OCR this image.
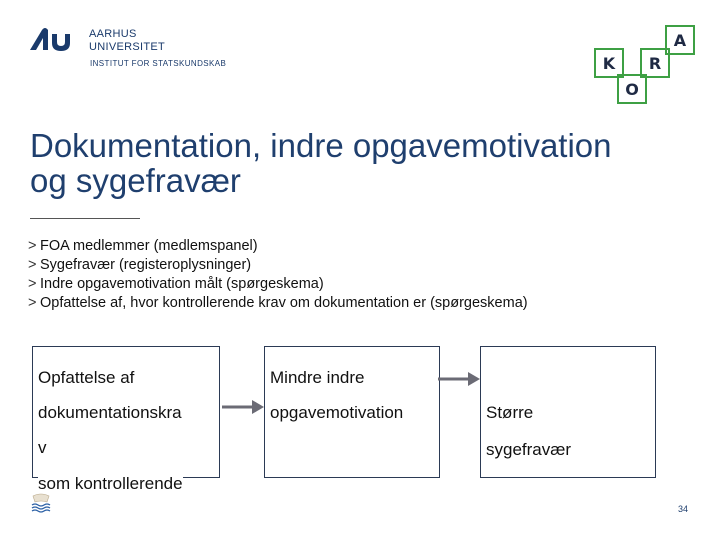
AARHUS
UNIVERSITET
INSTITUT FOR STATSKUNDSKAB	K
O
R
A
Dokumentation, indre opgavemotivation
og sygefravær
> FOA medlemmer (medlemspanel)
> Sygefravær (registeroplysninger)
> Indre opgavemotivation målt (spørgeskema)
> Opfattelse af, hvor kontrollerende krav om dokumentation er (spørgeskema)
Opfattelse af
dokumentationskra
v
som kontrollerende
Mindre indre
opgavemotivation	Større
sygefravær
34
